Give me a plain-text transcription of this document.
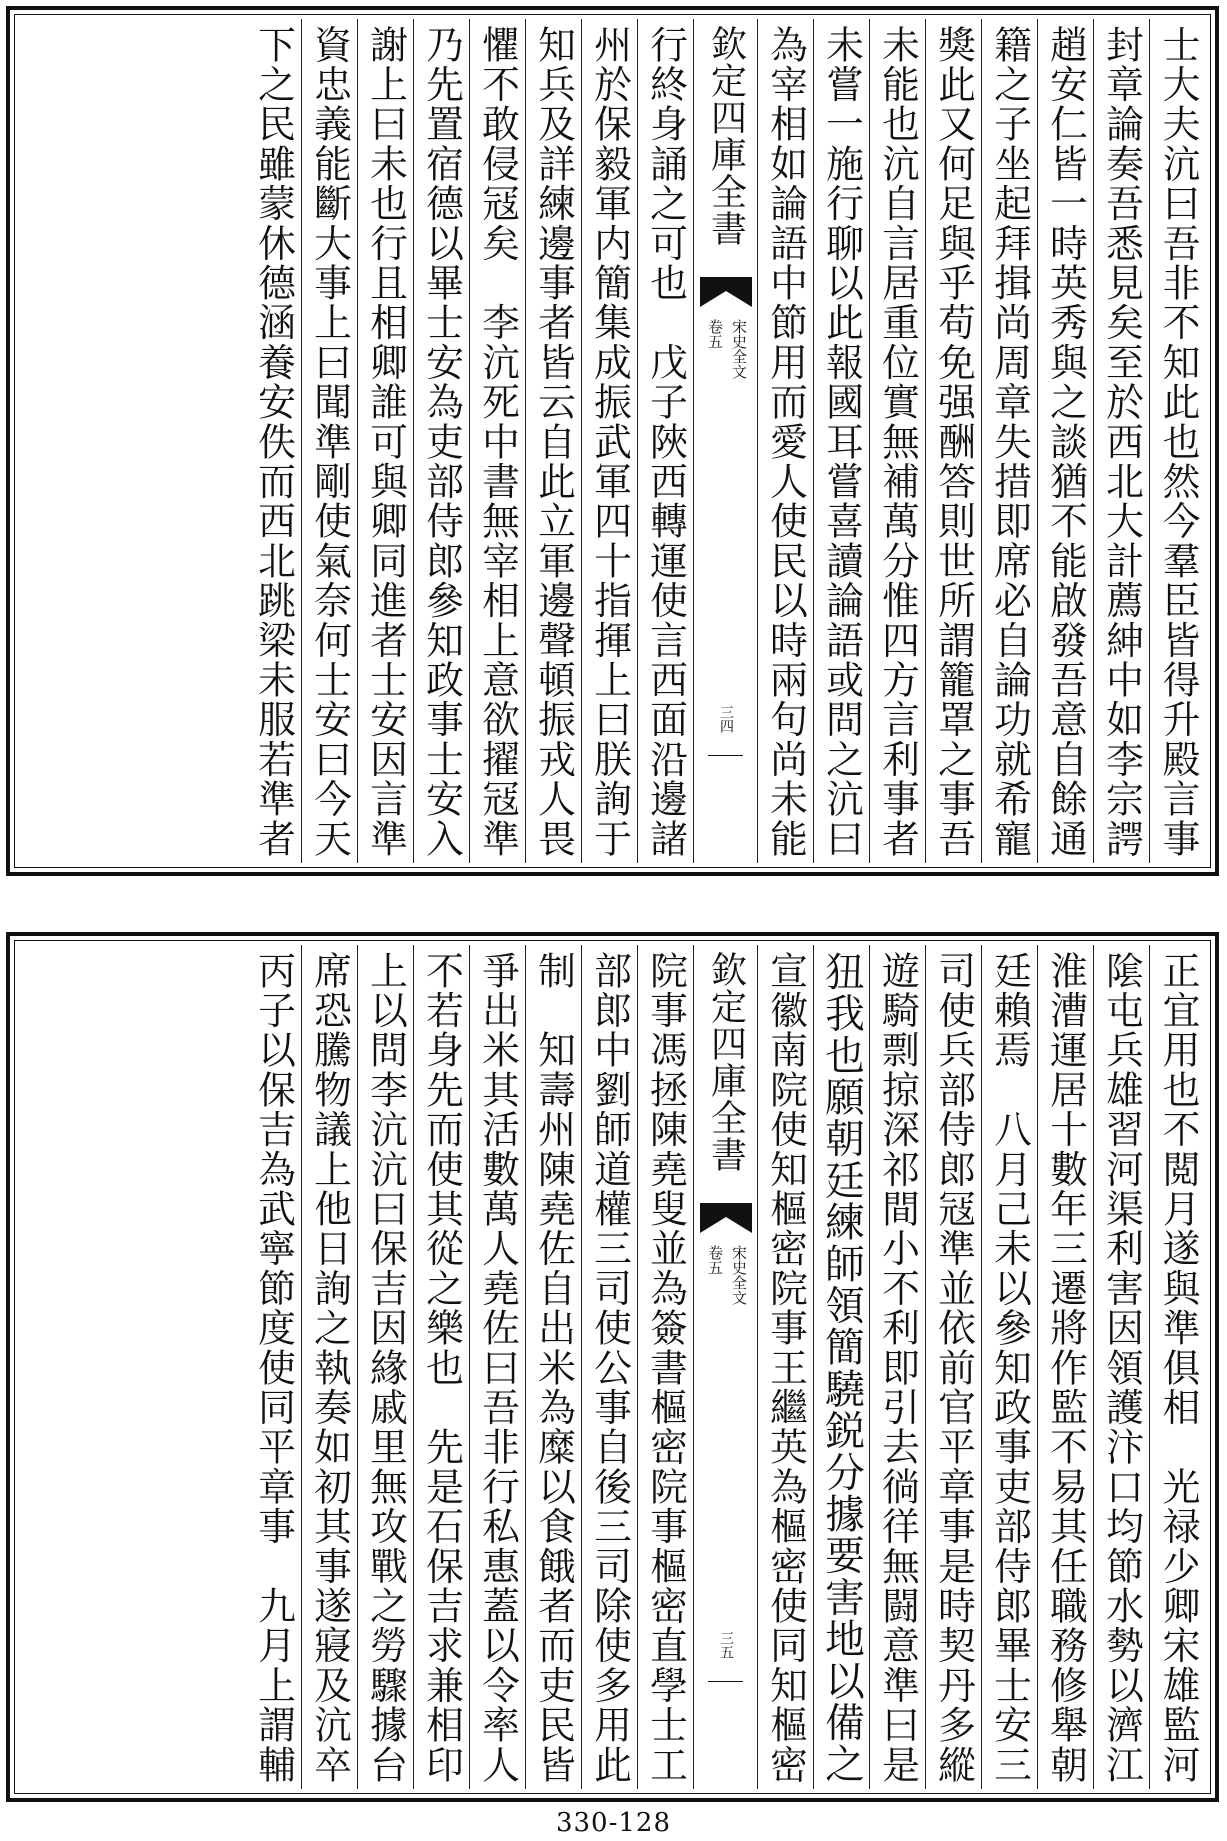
士大夫沆曰吾非不知此也然今羣臣皆得升殿言事
封章論奏吾悉見矣至於西北大計薦紳中如李宗諤
趙安仁皆一時英秀與之談猶不能啟發吾意自餘通
籍之子坐起拜揖尚周章失措即席必自論功就希寵
獎此又何足與乎苟免强酬答則世所謂籠罩之事吾
未能也沆自言居重位實無補萬分惟四方言利事者
未嘗一施行聊以此報國耳嘗喜讀論語或問之沆曰
為宰相如論語中節用而愛人使民以時兩句尚未能
欽定四庫全書
宋史全文
卷五
三四
行終身誦之可也　戊子陜西轉運使言西面沿邊諸
州於保毅軍内簡集成振武軍四十指揮上曰朕詢于
知兵及詳練邊事者皆云自此立軍邊聲頓振戎人畏
懼不敢侵冦矣　李沆死中書無宰相上意欲擢冦準
乃先置宿德以畢士安為吏部侍郎參知政事士安入
謝上曰未也行且相卿誰可與卿同進者士安因言準
資忠義能斷大事上曰聞準剛使氣奈何士安曰今天
下之民雖蒙休德涵養安佚而西北跳梁未服若準者
正宜用也不閲月遂與準俱相　光禄少卿宋雄監河
隂屯兵雄習河渠利害因領護汴口均節水勢以濟江
淮漕運居十數年三遷將作監不易其任職務修舉朝
廷賴焉　八月己未以參知政事吏部侍郎畢士安三
司使兵部侍郎冦準並依前官平章事是時契丹多縱
遊騎剽掠深祁間小不利即引去徜徉無闘意準曰是
狃我也願朝廷練師領簡驍鋭分據要害地以備之
宣徽南院使知樞密院事王繼英為樞密使同知樞密
欽定四庫全書
宋史全文
卷五
三五
院事馮拯陳堯叟並為簽書樞密院事樞密直學士工
部郎中劉師道權三司使公事自後三司除使多用此
制　知壽州陳堯佐自出米為糜以食餓者而吏民皆
爭出米其活數萬人堯佐曰吾非行私惠蓋以令率人
不若身先而使其從之樂也　先是石保吉求兼相印
上以問李沆沆曰保吉因緣戚里無攻戰之勞驟據台
席恐騰物議上他日詢之執奏如初其事遂寢及沆卒
丙子以保吉為武寧節度使同平章事　九月上謂輔
330-128
